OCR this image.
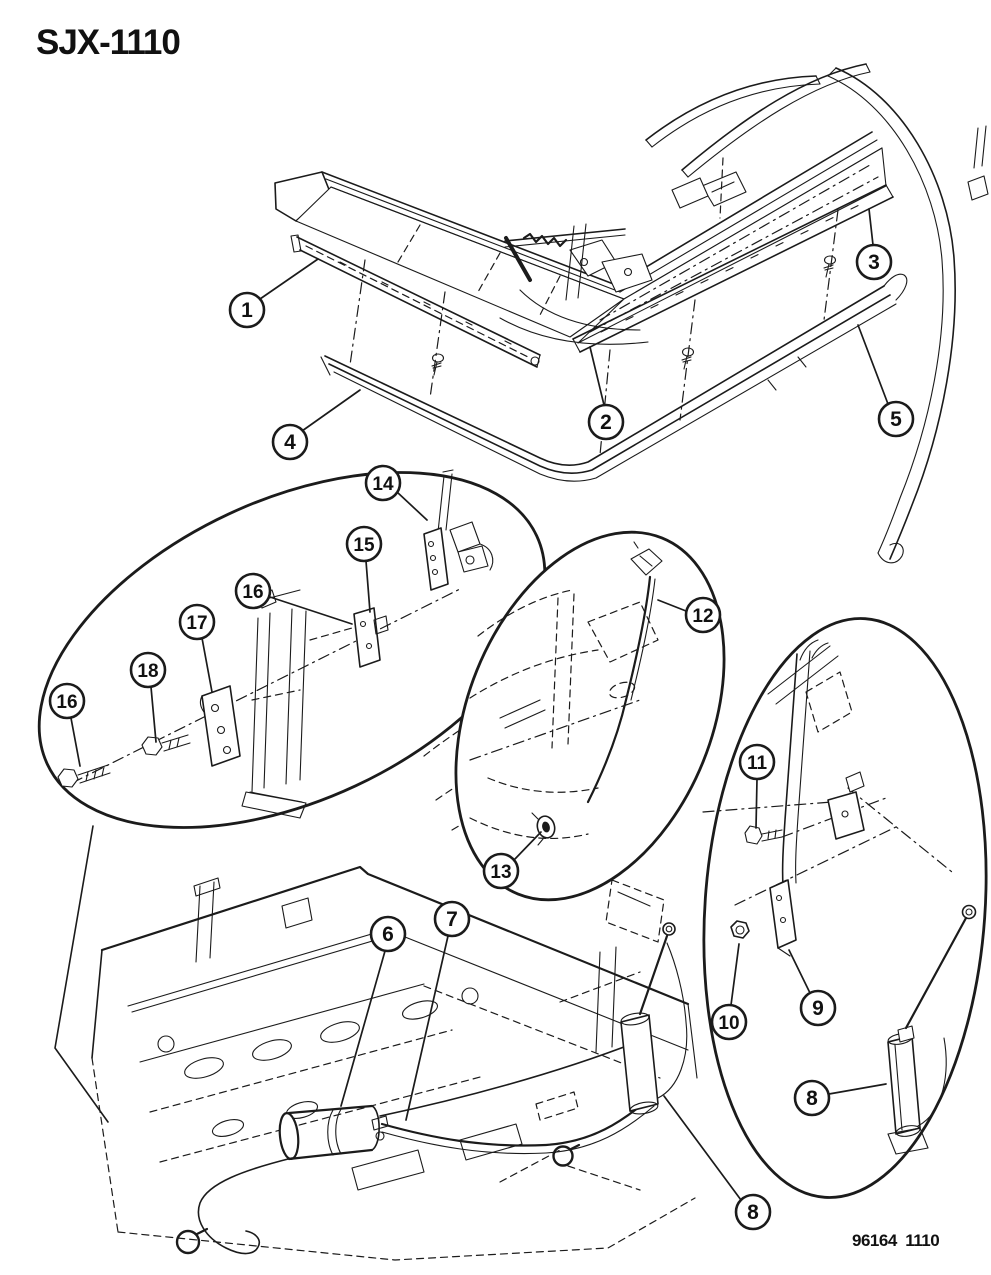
1
2
3
4
5
6
7
8
8
9
10
11
12
13
14
15
16
17
18
16
SJX-1110
96164  1110
